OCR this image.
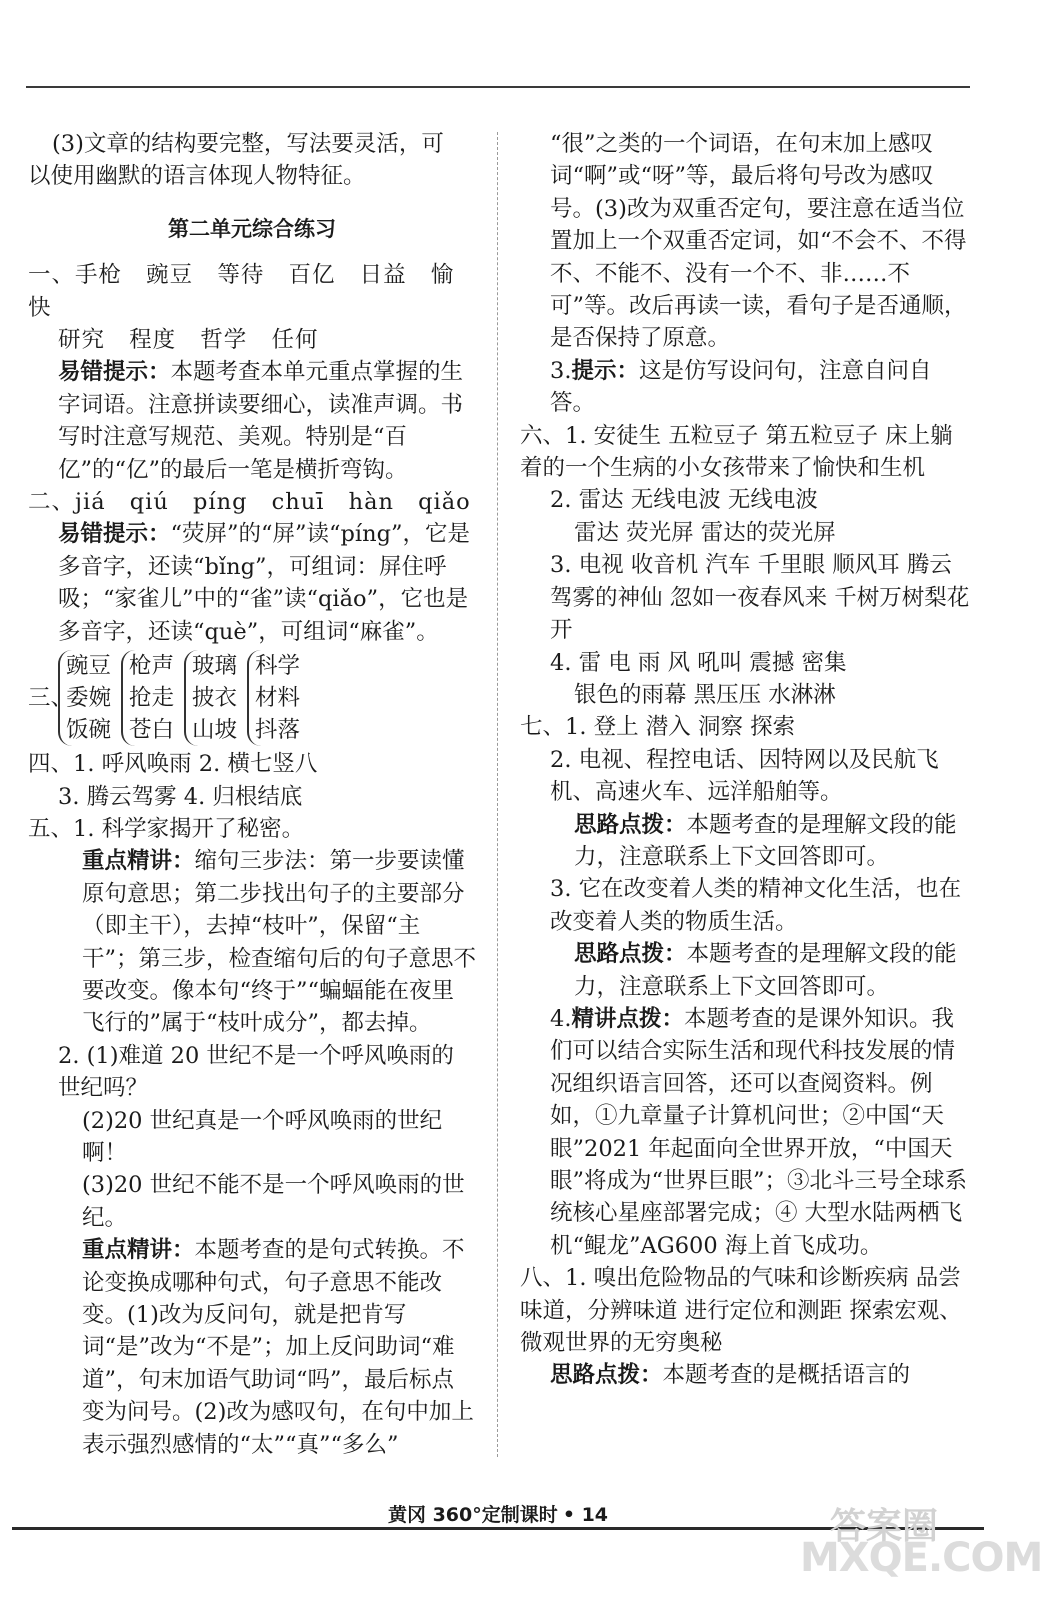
(3)文章的结构要完整，写法要灵活，可

以使用幽默的语言体现人物特征。

第二单元综合练习

一、手枪 豌豆 等待 百亿 日益 愉快

研究 程度 哲学 任何

易错提示：本题考查本单元重点掌握的生字词语。注意拼读要细心，读准声调。书写时注意写规范、美观。特别是“百亿”的“亿”的最后一笔是横折弯钩。

二、jiá qiú píng chuī hàn qiǎo

易错提示：“荧屏”的“屏”读“píng”，它是多音字，还读“bǐng”，可组词：屏住呼吸；“家雀儿”中的“雀”读“qiǎo”，它也是多音字，还读“què”，可组词“麻雀”。

三、
豌豆
委婉
饭碗
枪声
抢走
苍白
玻璃
披衣
山坡
科学
材料
抖落

四、1. 呼风唤雨 2. 横七竖八

3. 腾云驾雾 4. 归根结底

五、1. 科学家揭开了秘密。

重点精讲：缩句三步法：第一步要读懂原句意思；第二步找出句子的主要部分（即主干），去掉“枝叶”，保留“主干”；第三步，检查缩句后的句子意思不要改变。像本句“终于”“蝙蝠能在夜里飞行的”属于“枝叶成分”，都去掉。

2. (1)难道 20 世纪不是一个呼风唤雨的世纪吗？

(2)20 世纪真是一个呼风唤雨的世纪啊！

(3)20 世纪不能不是一个呼风唤雨的世纪。

重点精讲：本题考查的是句式转换。不论变换成哪种句式，句子意思不能改变。(1)改为反问句，就是把肯写词“是”改为“不是”；加上反问助词“难道”，句末加语气助词“吗”，最后标点变为问号。(2)改为感叹句，在句中加上表示强烈感情的“太”“真”“多么”

“很”之类的一个词语，在句末加上感叹词“啊”或“呀”等，最后将句号改为感叹号。(3)改为双重否定句，要注意在适当位置加上一个双重否定词，如“不会不、不得不、不能不、没有一个不、非……不可”等。改后再读一读，看句子是否通顺，是否保持了原意。

3.提示：这是仿写设问句，注意自问自答。

六、1. 安徒生 五粒豆子 第五粒豆子 床上躺着的一个生病的小女孩带来了愉快和生机

2. 雷达 无线电波 无线电波

雷达 荧光屏 雷达的荧光屏

3. 电视 收音机 汽车 千里眼 顺风耳 腾云驾雾的神仙 忽如一夜春风来 千树万树梨花开

4. 雷 电 雨 风 吼叫 震撼 密集

银色的雨幕 黑压压 水淋淋

七、1. 登上 潜入 洞察 探索

2. 电视、程控电话、因特网以及民航飞机、高速火车、远洋船舶等。

思路点拨：本题考查的是理解文段的能力，注意联系上下文回答即可。

3. 它在改变着人类的精神文化生活，也在改变着人类的物质生活。

思路点拨：本题考查的是理解文段的能力，注意联系上下文回答即可。

4.精讲点拨：本题考查的是课外知识。我们可以结合实际生活和现代科技发展的情况组织语言回答，还可以查阅资料。例如，①九章量子计算机问世；②中国“天眼”2021 年起面向全世界开放，“中国天眼”将成为“世界巨眼”；③北斗三号全球系统核心星座部署完成；④ 大型水陆两栖飞机“鲲龙”AG600 海上首飞成功。

八、1. 嗅出危险物品的气味和诊断疾病 品尝味道，分辨味道 进行定位和测距 探索宏观、微观世界的无穷奥秘

思路点拨：本题考查的是概括语言的

黄冈 360°定制课时 • 14	答案圈
MXQE.COM
